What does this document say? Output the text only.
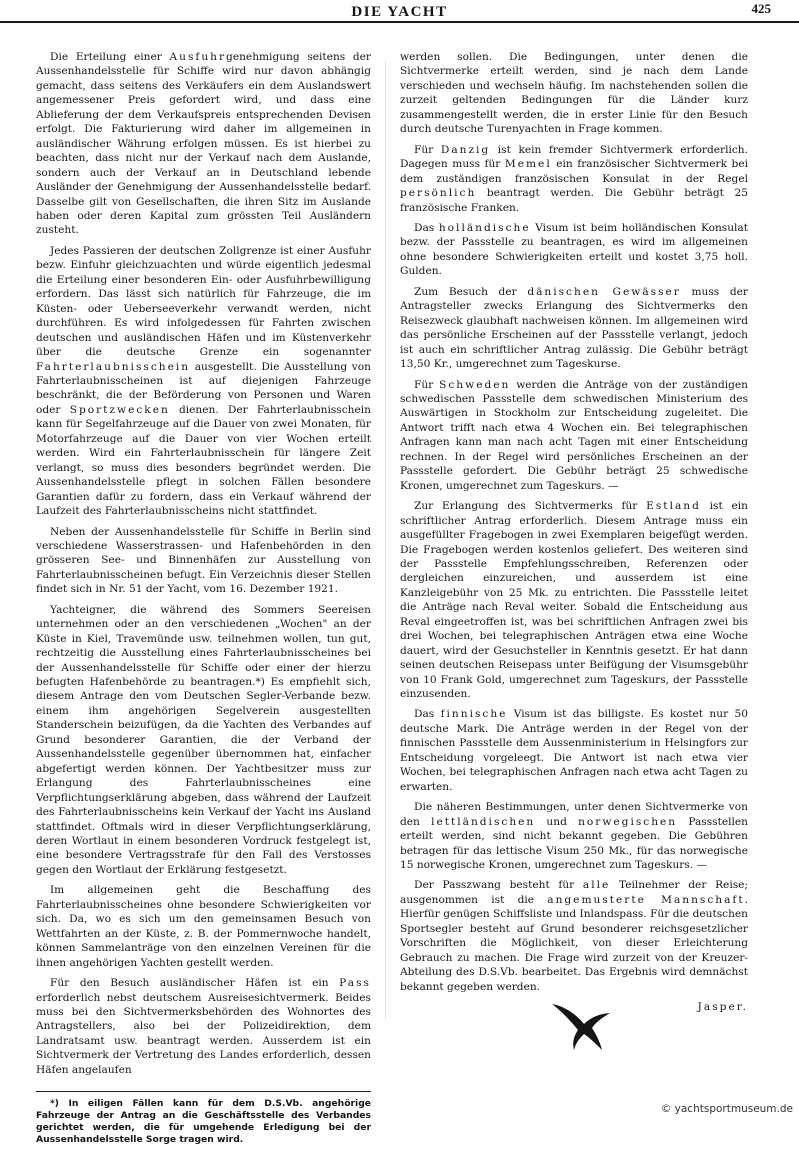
DIE YACHT	425

Die Erteilung einer Ausfuhrgenehmigung seitens der Aussenhandelsstelle für Schiffe wird nur davon abhängig gemacht, dass seitens des Verkäufers ein dem Auslandswert angemessener Preis gefordert wird, und dass eine Ablieferung der dem Verkaufspreis entsprechenden Devisen erfolgt. Die Fakturierung wird daher im allgemeinen in ausländischer Währung erfolgen müssen. Es ist hierbei zu beachten, dass nicht nur der Verkauf nach dem Auslande, sondern auch der Verkauf an in Deutschland lebende Ausländer der Genehmigung der Aussenhandelsstelle bedarf. Dasselbe gilt von Gesellschaften, die ihren Sitz im Auslande haben oder deren Kapital zum grössten Teil Ausländern zusteht.

Jedes Passieren der deutschen Zollgrenze ist einer Ausfuhr bezw. Einfuhr gleichzuachten und würde eigentlich jedesmal die Erteilung einer besonderen Ein- oder Ausfuhrbewilligung erfordern. Das lässt sich natürlich für Fahrzeuge, die im Küsten- oder Ueberseeverkehr verwandt werden, nicht durchführen. Es wird infolgedessen für Fahrten zwischen deutschen und ausländischen Häfen und im Küstenverkehr über die deutsche Grenze ein sogenannter Fahrterlaubnisschein ausgestellt. Die Ausstellung von Fahrterlaubnisscheinen ist auf diejenigen Fahrzeuge beschränkt, die der Beförderung von Personen und Waren oder Sportzwecken dienen. Der Fahrterlaubnisschein kann für Segelfahrzeuge auf die Dauer von zwei Monaten, für Motorfahrzeuge auf die Dauer von vier Wochen erteilt werden. Wird ein Fahrterlaubnisschein für längere Zeit verlangt, so muss dies besonders begründet werden. Die Aussenhandelsstelle pflegt in solchen Fällen besondere Garantien dafür zu fordern, dass ein Verkauf während der Laufzeit des Fahrterlaubnisscheins nicht stattfindet.

Neben der Aussenhandelsstelle für Schiffe in Berlin sind verschiedene Wasserstrassen- und Hafenbehörden in den grösseren See- und Binnenhäfen zur Ausstellung von Fahrterlaubnisscheinen befugt. Ein Verzeichnis dieser Stellen findet sich in Nr. 51 der Yacht, vom 16. Dezember 1921.

Yachteigner, die während des Sommers Seereisen unternehmen oder an den verschiedenen „Wochen" an der Küste in Kiel, Travemünde usw. teilnehmen wollen, tun gut, rechtzeitig die Ausstellung eines Fahrterlaubnisscheines bei der Aussenhandelsstelle für Schiffe oder einer der hierzu befugten Hafenbehörde zu beantragen.*) Es empfiehlt sich, diesem Antrage den vom Deutschen Segler-Verbande bezw. einem ihm angehörigen Segelverein ausgestellten Standerschein beizufügen, da die Yachten des Verbandes auf Grund besonderer Garantien, die der Verband der Aussenhandelsstelle gegenüber übernommen hat, einfacher abgefertigt werden können. Der Yachtbesitzer muss zur Erlangung des Fahrterlaubnisscheines eine Verpflichtungserklärung abgeben, dass während der Laufzeit des Fahrterlaubnisscheins kein Verkauf der Yacht ins Ausland stattfindet. Oftmals wird in dieser Verpflichtungserklärung, deren Wortlaut in einem besonderen Vordruck festgelegt ist, eine besondere Vertragsstrafe für den Fall des Verstosses gegen den Wortlaut der Erklärung festgesetzt.

Im allgemeinen geht die Beschaffung des Fahrterlaubnisscheines ohne besondere Schwierigkeiten vor sich. Da, wo es sich um den gemeinsamen Besuch von Wettfahrten an der Küste, z. B. der Pommernwoche handelt, können Sammelanträge von den einzelnen Vereinen für die ihnen angehörigen Yachten gestellt werden.

Für den Besuch ausländischer Häfen ist ein Pass erforderlich nebst deutschem Ausreisesichtvermerk. Beides muss bei den Sichtvermerksbehörden des Wohnortes des Antragstellers, also bei der Polizeidirektion, dem Landratsamt usw. beantragt werden. Ausserdem ist ein Sichtvermerk der Vertretung des Landes erforderlich, dessen Häfen angelaufen

*) In eiligen Fällen kann für dem D.S.Vb. angehörige Fahrzeuge der Antrag an die Geschäftsstelle des Verbandes gerichtet werden, die für umgehende Erledigung bei der Aussenhandelsstelle Sorge tragen wird.

werden sollen. Die Bedingungen, unter denen die Sichtvermerke erteilt werden, sind je nach dem Lande verschieden und wechseln häufig. Im nachstehenden sollen die zurzeit geltenden Bedingungen für die Länder kurz zusammengestellt werden, die in erster Linie für den Besuch durch deutsche Turenyachten in Frage kommen.

Für Danzig ist kein fremder Sichtvermerk erforderlich. Dagegen muss für Memel ein französischer Sichtvermerk bei dem zuständigen französischen Konsulat in der Regel persönlich beantragt werden. Die Gebühr beträgt 25 französische Franken.

Das holländische Visum ist beim holländischen Konsulat bezw. der Passstelle zu beantragen, es wird im allgemeinen ohne besondere Schwierigkeiten erteilt und kostet 3,75 holl. Gulden.

Zum Besuch der dänischen Gewässer muss der Antragsteller zwecks Erlangung des Sichtvermerks den Reisezweck glaubhaft nachweisen können. Im allgemeinen wird das persönliche Erscheinen auf der Passstelle verlangt, jedoch ist auch ein schriftlicher Antrag zulässig. Die Gebühr beträgt 13,50 Kr., umgerechnet zum Tageskurse.

Für Schweden werden die Anträge von der zuständigen schwedischen Passstelle dem schwedischen Ministerium des Auswärtigen in Stockholm zur Entscheidung zugeleitet. Die Antwort trifft nach etwa 4 Wochen ein. Bei telegraphischen Anfragen kann man nach acht Tagen mit einer Entscheidung rechnen. In der Regel wird persönliches Erscheinen an der Passstelle gefordert. Die Gebühr beträgt 25 schwedische Kronen, umgerechnet zum Tageskurs. —

Zur Erlangung des Sichtvermerks für Estland ist ein schriftlicher Antrag erforderlich. Diesem Antrage muss ein ausgefüllter Fragebogen in zwei Exemplaren beigefügt werden. Die Fragebogen werden kostenlos geliefert. Des weiteren sind der Passstelle Empfehlungsschreiben, Referenzen oder dergleichen einzureichen, und ausserdem ist eine Kanzleigebühr von 25 Mk. zu entrichten. Die Passstelle leitet die Anträge nach Reval weiter. Sobald die Entscheidung aus Reval eingeetroffen ist, was bei schriftlichen Anfragen zwei bis drei Wochen, bei telegraphischen Anträgen etwa eine Woche dauert, wird der Gesuchsteller in Kenntnis gesetzt. Er hat dann seinen deutschen Reisepass unter Beifügung der Visumsgebühr von 10 Frank Gold, umgerechnet zum Tageskurs, der Passstelle einzusenden.

Das finnische Visum ist das billigste. Es kostet nur 50 deutsche Mark. Die Anträge werden in der Regel von der finnischen Passstelle dem Aussenministerium in Helsingfors zur Entscheidung vorgeleegt. Die Antwort ist nach etwa vier Wochen, bei telegraphischen Anfragen nach etwa acht Tagen zu erwarten.

Die näheren Bestimmungen, unter denen Sichtvermerke von den lettländischen und norwegischen Passstellen erteilt werden, sind nicht bekannt gegeben. Die Gebühren betragen für das lettische Visum 250 Mk., für das norwegische 15 norwegische Kronen, umgerechnet zum Tageskurs. —

Der Passzwang besteht für alle Teilnehmer der Reise; ausgenommen ist die angemusterte Mannschaft. Hierfür genügen Schiffsliste und Inlandspass. Für die deutschen Sportsegler besteht auf Grund besonderer reichsgesetzlicher Vorschriften die Möglichkeit, von dieser Erleichterung Gebrauch zu machen. Die Frage wird zurzeit von der Kreuzer-Abteilung des D.S.Vb. bearbeitet. Das Ergebnis wird demnächst bekannt gegeben werden.

Jasper.
© yachtsportmuseum.de
